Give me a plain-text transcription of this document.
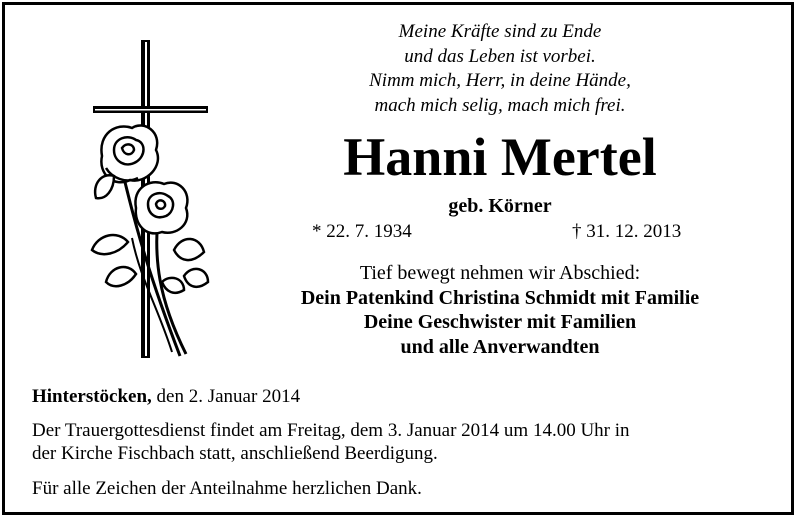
Meine Kräfte sind zu Ende
und das Leben ist vorbei.
Nimm mich, Herr, in deine Hände,
mach mich selig, mach mich frei.
Hanni Mertel
geb. Körner
* 22. 7. 1934	† 31. 12. 2013
Tief bewegt nehmen wir Abschied:
Dein Patenkind Christina Schmidt mit Familie
Deine Geschwister mit Familien
und alle Anverwandten
Hinterstöcken, den 2. Januar 2014
Der Trauergottesdienst findet am Freitag, dem 3. Januar 2014 um 14.00 Uhr in
der Kirche Fischbach statt, anschließend Beerdigung.
Für alle Zeichen der Anteilnahme herzlichen Dank.
